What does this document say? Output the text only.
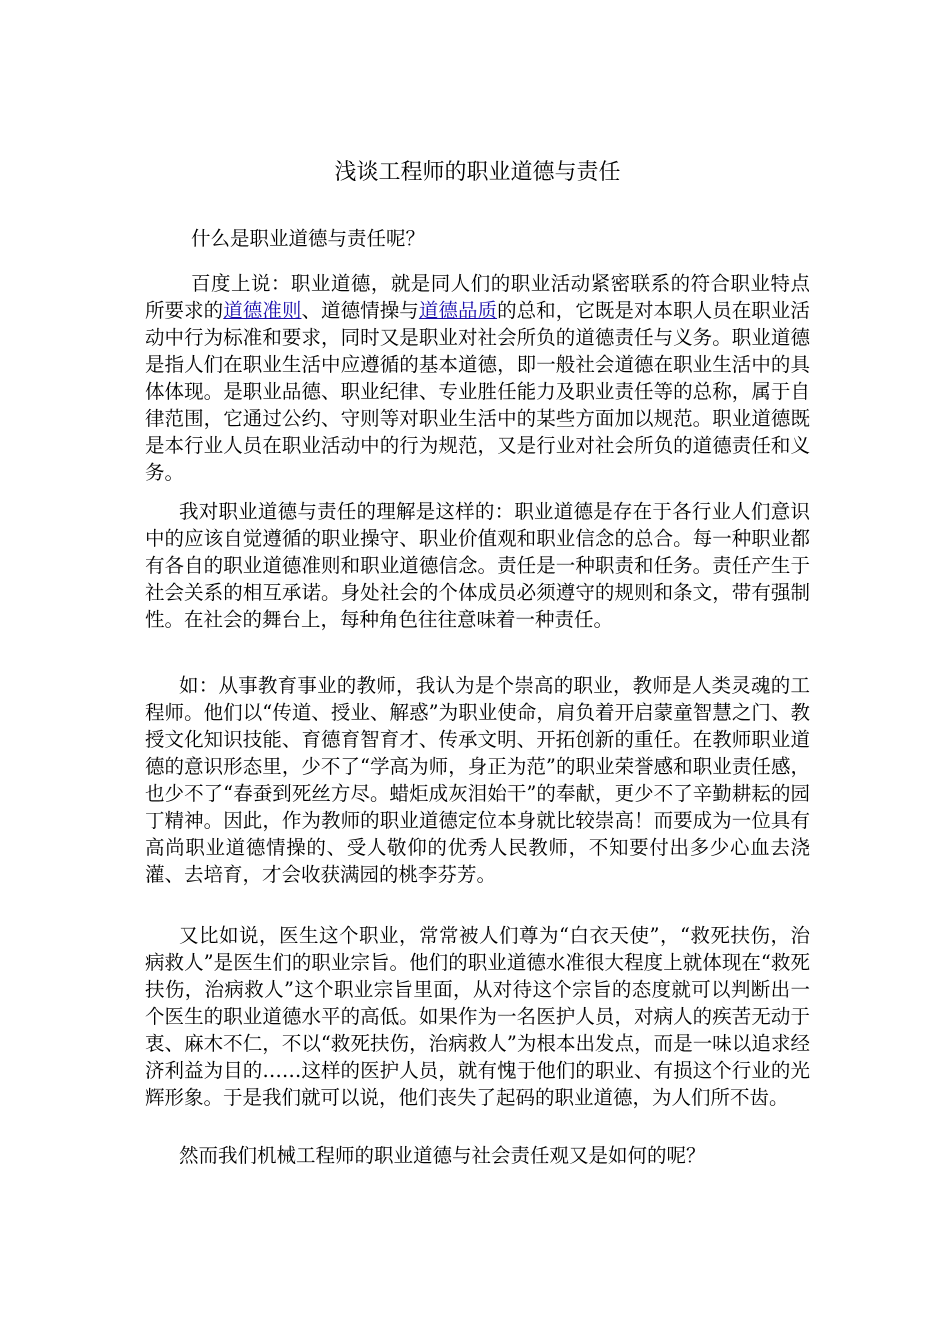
浅谈工程师的职业道德与责任

什么是职业道德与责任呢？

百度上说：职业道德，就是同人们的职业活动紧密联系的符合职业特点所要求的道德准则、道德情操与道德品质的总和，它既是对本职人员在职业活动中行为标准和要求，同时又是职业对社会所负的道德责任与义务。职业道德是指人们在职业生活中应遵循的基本道德，即一般社会道德在职业生活中的具体体现。是职业品德、职业纪律、专业胜任能力及职业责任等的总称，属于自律范围，它通过公约、守则等对职业生活中的某些方面加以规范。职业道德既是本行业人员在职业活动中的行为规范，又是行业对社会所负的道德责任和义务。

我对职业道德与责任的理解是这样的：职业道德是存在于各行业人们意识中的应该自觉遵循的职业操守、职业价值观和职业信念的总合。每一种职业都有各自的职业道德准则和职业道德信念。责任是一种职责和任务。责任产生于社会关系的相互承诺。身处社会的个体成员必须遵守的规则和条文，带有强制性。在社会的舞台上，每种角色往往意味着一种责任。

如：从事教育事业的教师，我认为是个崇高的职业，教师是人类灵魂的工程师。他们以“传道、授业、解惑”为职业使命，肩负着开启蒙童智慧之门、教授文化知识技能、育德育智育才、传承文明、开拓创新的重任。在教师职业道德的意识形态里，少不了“学高为师，身正为范”的职业荣誉感和职业责任感，也少不了“春蚕到死丝方尽。蜡炬成灰泪始干”的奉献，更少不了辛勤耕耘的园丁精神。因此，作为教师的职业道德定位本身就比较崇高！而要成为一位具有高尚职业道德情操的、受人敬仰的优秀人民教师，不知要付出多少心血去浇灌、去培育，才会收获满园的桃李芬芳。

又比如说，医生这个职业，常常被人们尊为“白衣天使”，“救死扶伤，治病救人”是医生们的职业宗旨。他们的职业道德水准很大程度上就体现在“救死扶伤，治病救人”这个职业宗旨里面，从对待这个宗旨的态度就可以判断出一个医生的职业道德水平的高低。如果作为一名医护人员，对病人的疾苦无动于衷、麻木不仁，不以“救死扶伤，治病救人”为根本出发点，而是一味以追求经济利益为目的……这样的医护人员，就有愧于他们的职业、有损这个行业的光辉形象。于是我们就可以说，他们丧失了起码的职业道德，为人们所不齿。

然而我们机械工程师的职业道德与社会责任观又是如何的呢？
